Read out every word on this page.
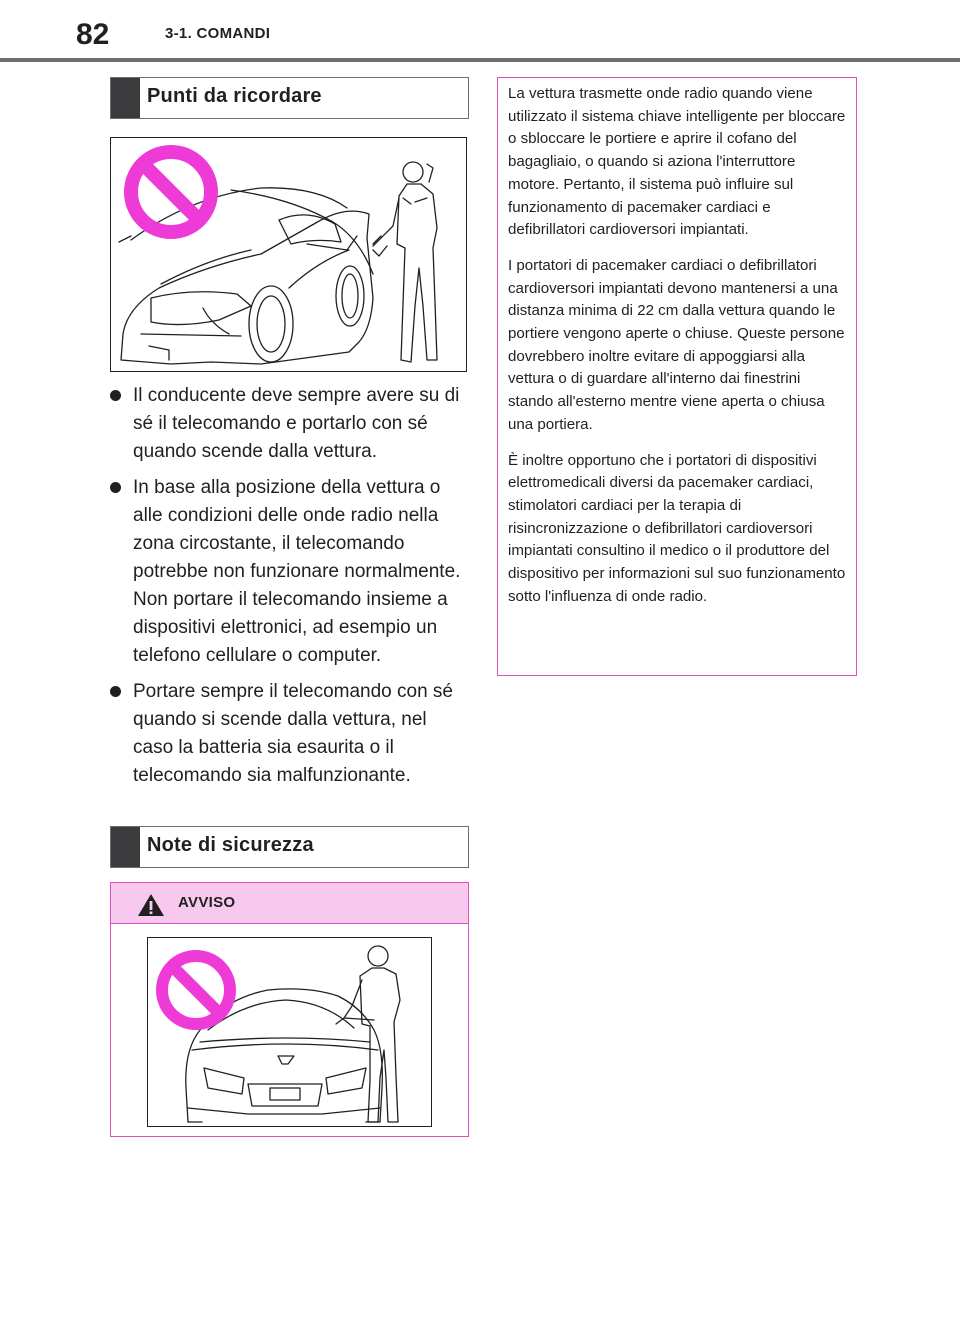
82	3-1. COMANDI
Punti da ricordare
Il conducente deve sempre avere su di sé il telecomando e portarlo con sé quando scende dalla vettura.
In base alla posizione della vettura o alle condizioni delle onde radio nella zona circostante, il telecomando potrebbe non funzionare normalmente. Non portare il telecomando insieme a dispositivi elettronici, ad esempio un telefono cellulare o computer.
Portare sempre il telecomando con sé quando si scende dalla vettura, nel caso la batteria sia esaurita o il telecomando sia malfunzionante.
Note di sicurezza
AVVISO

La vettura trasmette onde radio quando viene utilizzato il sistema chiave intelligente per bloccare o sbloccare le portiere e aprire il cofano del bagagliaio, o quando si aziona l'interruttore motore. Pertanto, il sistema può influire sul funzionamento di pacemaker cardiaci e defibrillatori cardioversori impiantati.

I portatori di pacemaker cardiaci o defibrillatori cardioversori impiantati devono mantenersi a una distanza minima di 22 cm dalla vettura quando le portiere vengono aperte o chiuse. Queste persone dovrebbero inoltre evitare di appoggiarsi alla vettura o di guardare all'interno dai finestrini stando all'esterno mentre viene aperta o chiusa una portiera.

È inoltre opportuno che i portatori di dispositivi elettromedicali diversi da pacemaker cardiaci, stimolatori cardiaci per la terapia di risincronizzazione o defibrillatori cardioversori impiantati consultino il medico o il produttore del dispositivo per informazioni sul suo funzionamento sotto l'influenza di onde radio.
